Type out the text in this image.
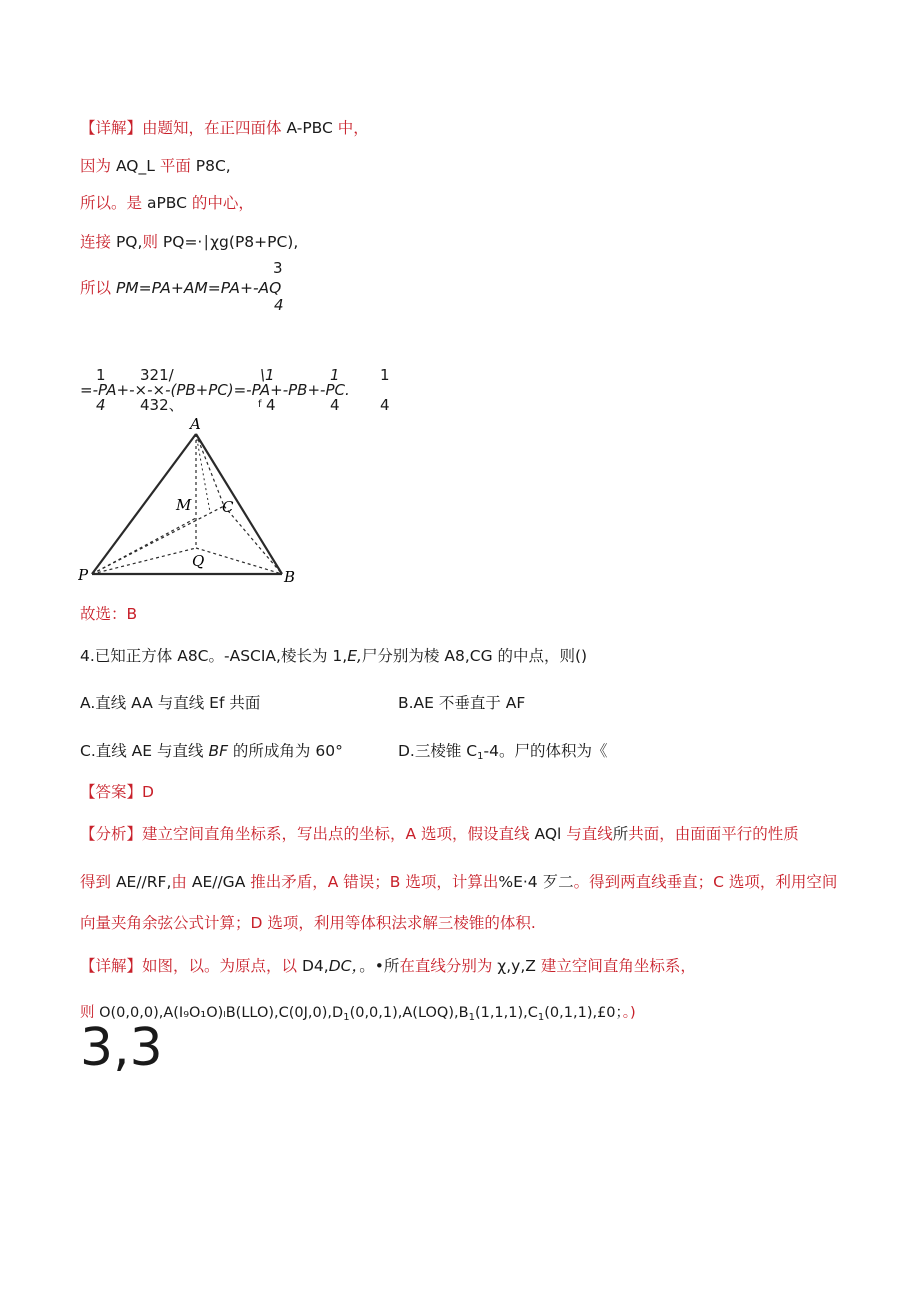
【详解】由题知，在正四面体 A-PBC 中，
因为 AQ_L 平面 P8C,
所以。是 aPBC 的中心，
连接 PQ,则 PQ=·∣χg(P8+PC),
3
所以 PM=PA+AM=PA+-AQ
4
1 321/	\1	1	1
=-PA+-×-×-(PB+PC)=-PA+-PB+-PC.
4 432、	f 4	4	4
A
M C
Q
P	B
故选：B
4.已知正方体 A8C。-ASCIA,棱长为 1,E,尸分别为棱 A8,CG 的中点，则()
A.直线 AA 与直线 Ef 共面	B.AE 不垂直于 AF
C.直线 AE 与直线 BF 的所成角为 60°	D.三棱锥 $C_1-4$。尸的体积为《
【答案】D
【分析】建立空间直角坐标系，写出点的坐标，A 选项，假设直线 AQl 与直线所共面，由面面平行的性质
得到 AE//RF,由 AE//GA 推出矛盾，A 错误；B 选项，计算出%E·4 歹二。得到两直线垂直；C 选项，利用空间
向量夹角余弦公式计算；D 选项，利用等体积法求解三棱锥的体积.
【详解】如图，以。为原点，以 D4,DC，。•所在直线分别为 χ,y,Z 建立空间直角坐标系，
则 $O(0,0,0),A(I_9O_1O)_lB(LLO),C(0J,0),D_1(0,0,1),A(LOQ),B_1(1,1,1),C_1(0,1,1),£0$；。)
3,3
